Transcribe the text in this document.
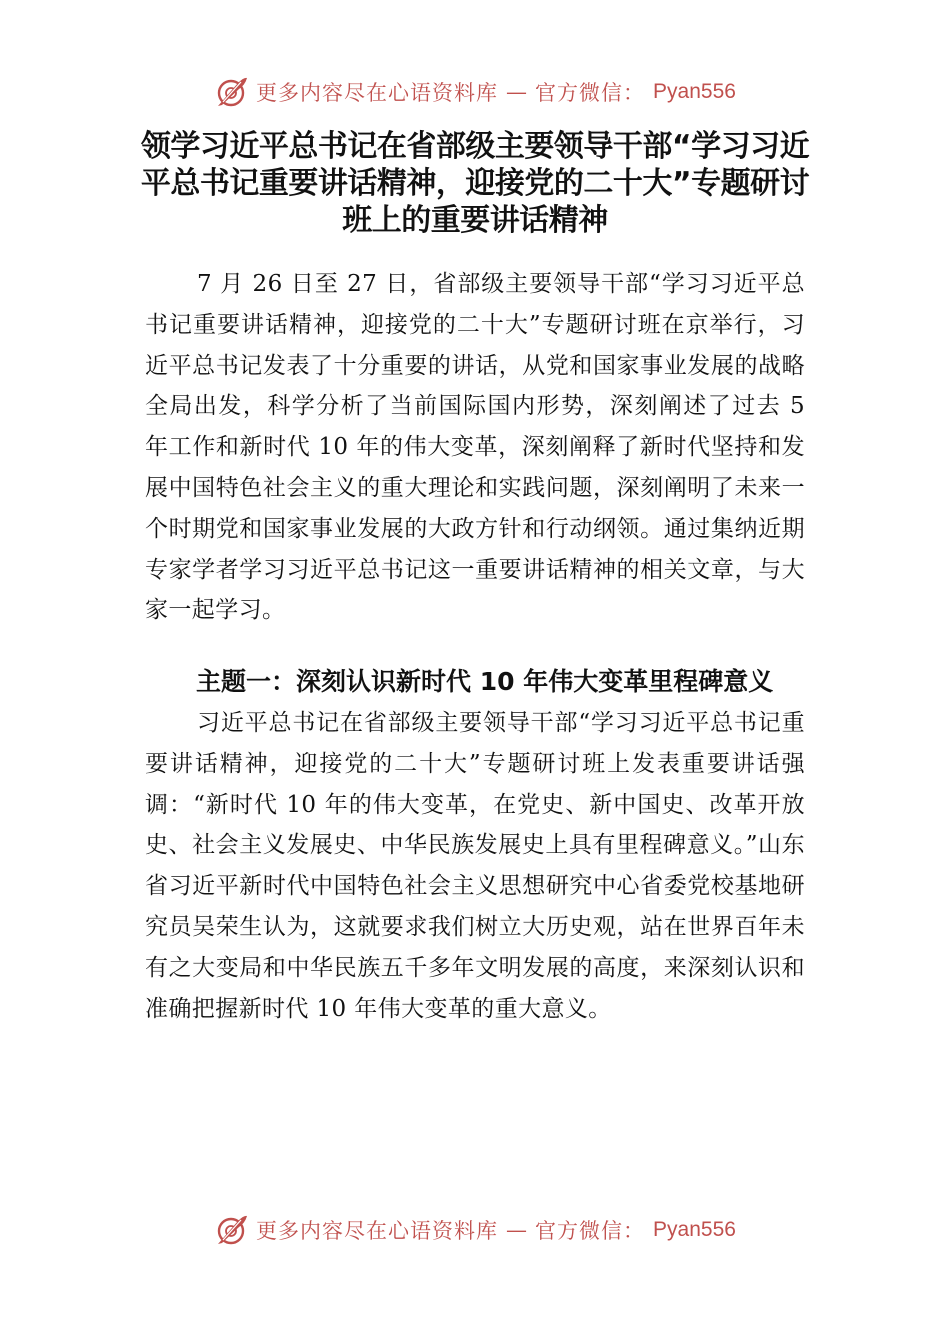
更多内容尽在心语资料库 — 官方微信： Pyan556
领学习近平总书记在省部级主要领导干部“学习习近平总书记重要讲话精神，迎接党的二十大”专题研讨班上的重要讲话精神

7 月 26 日至 27 日，省部级主要领导干部“学习习近平总书记重要讲话精神，迎接党的二十大”专题研讨班在京举行，习近平总书记发表了十分重要的讲话，从党和国家事业发展的战略全局出发，科学分析了当前国际国内形势，深刻阐述了过去 5 年工作和新时代 10 年的伟大变革，深刻阐释了新时代坚持和发展中国特色社会主义的重大理论和实践问题，深刻阐明了未来一个时期党和国家事业发展的大政方针和行动纲领。通过集纳近期专家学者学习习近平总书记这一重要讲话精神的相关文章，与大家一起学习。

主题一：深刻认识新时代 10 年伟大变革里程碑意义

习近平总书记在省部级主要领导干部“学习习近平总书记重要讲话精神，迎接党的二十大”专题研讨班上发表重要讲话强调：“新时代 10 年的伟大变革，在党史、新中国史、改革开放史、社会主义发展史、中华民族发展史上具有里程碑意义。”山东省习近平新时代中国特色社会主义思想研究中心省委党校基地研究员吴荣生认为，这就要求我们树立大历史观，站在世界百年未有之大变局和中华民族五千多年文明发展的高度，来深刻认识和准确把握新时代 10 年伟大变革的重大意义。

更多内容尽在心语资料库 — 官方微信： Pyan556
